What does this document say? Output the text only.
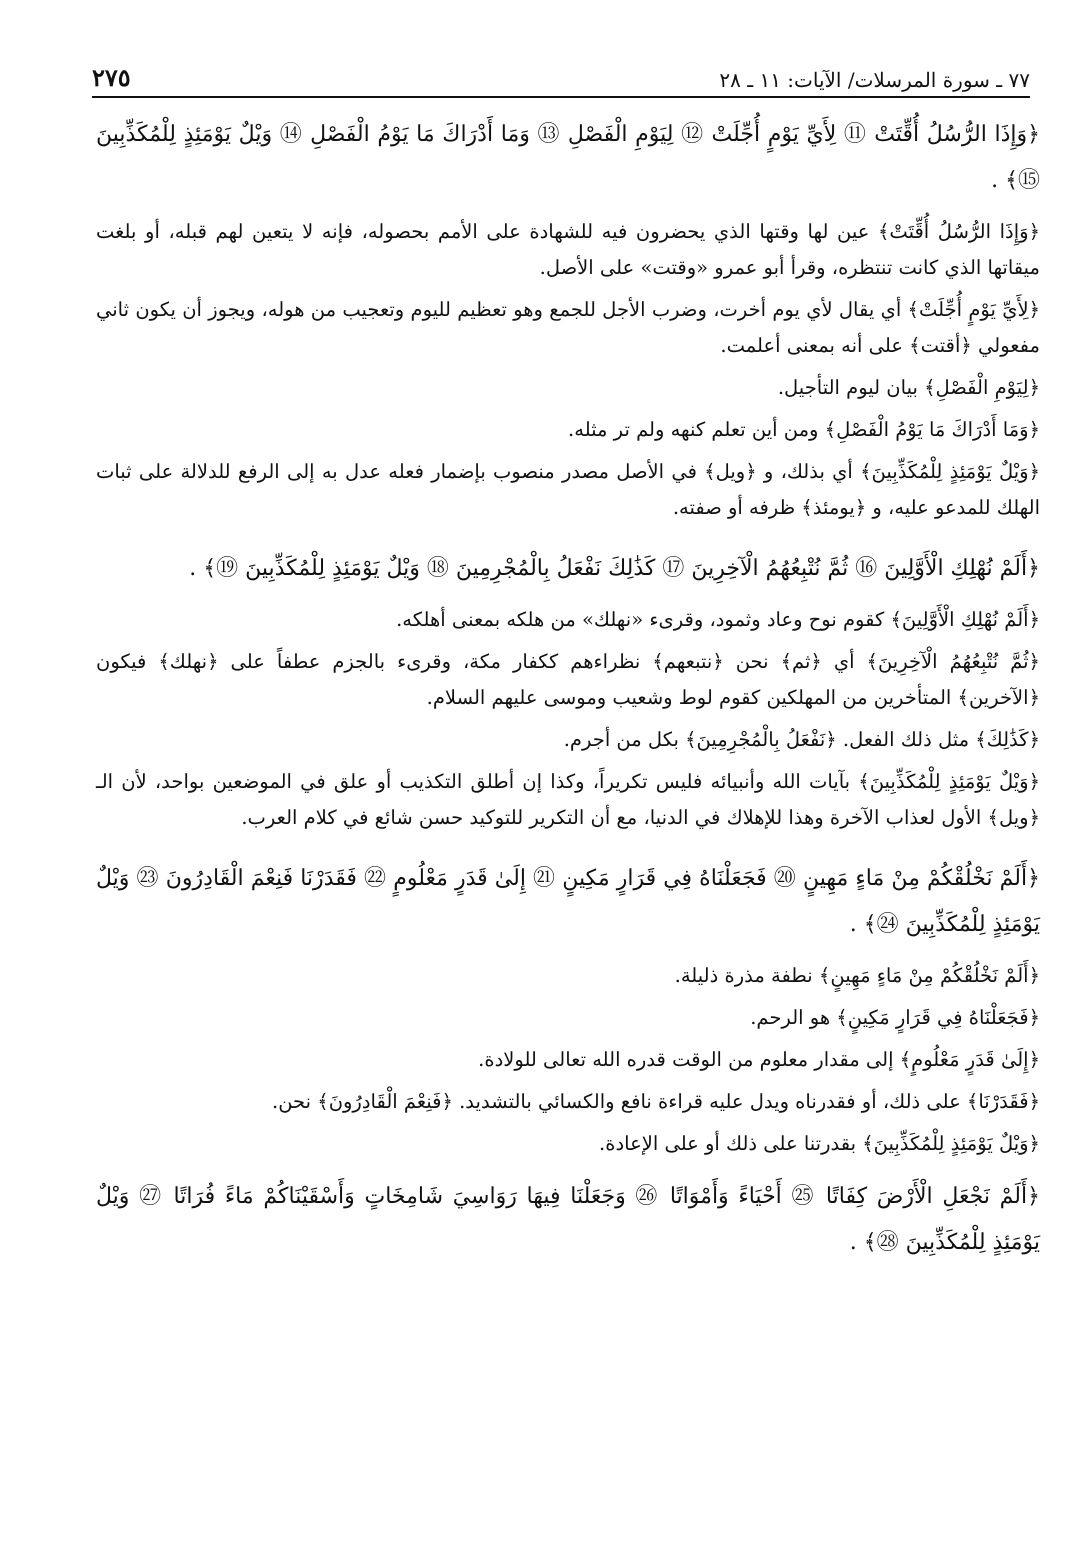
٧٧ ـ سورة المرسلات/ الآيات: ١١ ـ ٢٨
٢٧٥

﴿وَإِذَا الرُّسُلُ أُقِّتَتْ ⑪ لِأَيِّ يَوْمٍ أُجِّلَتْ ⑫ لِيَوْمِ الْفَصْلِ ⑬ وَمَا أَدْرَاكَ مَا يَوْمُ الْفَصْلِ ⑭ وَيْلٌ يَوْمَئِذٍ لِلْمُكَذِّبِينَ ⑮﴾ .

﴿وَإِذَا الرُّسُلُ أُقِّتَتْ﴾ عين لها وقتها الذي يحضرون فيه للشهادة على الأمم بحصوله، فإنه لا يتعين لهم قبله، أو بلغت ميقاتها الذي كانت تنتظره، وقرأ أبو عمرو «وقتت» على الأصل.

﴿لِأَيِّ يَوْمٍ أُجِّلَتْ﴾ أي يقال لأي يوم أخرت، وضرب الأجل للجمع وهو تعظيم لليوم وتعجيب من هوله، ويجوز أن يكون ثاني مفعولي ﴿أقتت﴾ على أنه بمعنى أعلمت.

﴿لِيَوْمِ الْفَصْلِ﴾ بيان ليوم التأجيل.

﴿وَمَا أَدْرَاكَ مَا يَوْمُ الْفَصْلِ﴾ ومن أين تعلم كنهه ولم تر مثله.

﴿وَيْلٌ يَوْمَئِذٍ لِلْمُكَذِّبِينَ﴾ أي بذلك، و ﴿ويل﴾ في الأصل مصدر منصوب بإضمار فعله عدل به إلى الرفع للدلالة على ثبات الهلك للمدعو عليه، و ﴿يومئذ﴾ ظرفه أو صفته.

﴿أَلَمْ نُهْلِكِ الْأَوَّلِينَ ⑯ ثُمَّ نُتْبِعُهُمُ الْآخِرِينَ ⑰ كَذَٰلِكَ نَفْعَلُ بِالْمُجْرِمِينَ ⑱ وَيْلٌ يَوْمَئِذٍ لِلْمُكَذِّبِينَ ⑲﴾ .

﴿أَلَمْ نُهْلِكِ الْأَوَّلِينَ﴾ كقوم نوح وعاد وثمود، وقرىء «نهلك» من هلكه بمعنى أهلكه.

﴿ثُمَّ نُتْبِعُهُمُ الْآخِرِينَ﴾ أي ﴿ثم﴾ نحن ﴿نتبعهم﴾ نظراءهم ككفار مكة، وقرىء بالجزم عطفاً على ﴿نهلك﴾ فيكون ﴿الآخرين﴾ المتأخرين من المهلكين كقوم لوط وشعيب وموسى عليهم السلام.

﴿كَذَٰلِكَ﴾ مثل ذلك الفعل. ﴿نَفْعَلُ بِالْمُجْرِمِينَ﴾ بكل من أجرم.

﴿وَيْلٌ يَوْمَئِذٍ لِلْمُكَذِّبِينَ﴾ بآيات الله وأنبيائه فليس تكريراً، وكذا إن أطلق التكذيب أو علق في الموضعين بواحد، لأن الـ ﴿ويل﴾ الأول لعذاب الآخرة وهذا للإهلاك في الدنيا، مع أن التكرير للتوكيد حسن شائع في كلام العرب.

﴿أَلَمْ نَخْلُقْكُمْ مِنْ مَاءٍ مَهِينٍ ⑳ فَجَعَلْنَاهُ فِي قَرَارٍ مَكِينٍ ㉑ إِلَىٰ قَدَرٍ مَعْلُومٍ ㉒ فَقَدَرْنَا فَنِعْمَ الْقَادِرُونَ ㉓ وَيْلٌ يَوْمَئِذٍ لِلْمُكَذِّبِينَ ㉔﴾ .

﴿أَلَمْ نَخْلُقْكُمْ مِنْ مَاءٍ مَهِينٍ﴾ نطفة مذرة ذليلة.

﴿فَجَعَلْنَاهُ فِي قَرَارٍ مَكِينٍ﴾ هو الرحم.

﴿إِلَىٰ قَدَرٍ مَعْلُومٍ﴾ إلى مقدار معلوم من الوقت قدره الله تعالى للولادة.

﴿فَقَدَرْنَا﴾ على ذلك، أو فقدرناه ويدل عليه قراءة نافع والكسائي بالتشديد. ﴿فَنِعْمَ الْقَادِرُونَ﴾ نحن.

﴿وَيْلٌ يَوْمَئِذٍ لِلْمُكَذِّبِينَ﴾ بقدرتنا على ذلك أو على الإعادة.

﴿أَلَمْ نَجْعَلِ الْأَرْضَ كِفَاتًا ㉕ أَحْيَاءً وَأَمْوَاتًا ㉖ وَجَعَلْنَا فِيهَا رَوَاسِيَ شَامِخَاتٍ وَأَسْقَيْنَاكُمْ مَاءً فُرَاتًا ㉗ وَيْلٌ يَوْمَئِذٍ لِلْمُكَذِّبِينَ ㉘﴾ .
